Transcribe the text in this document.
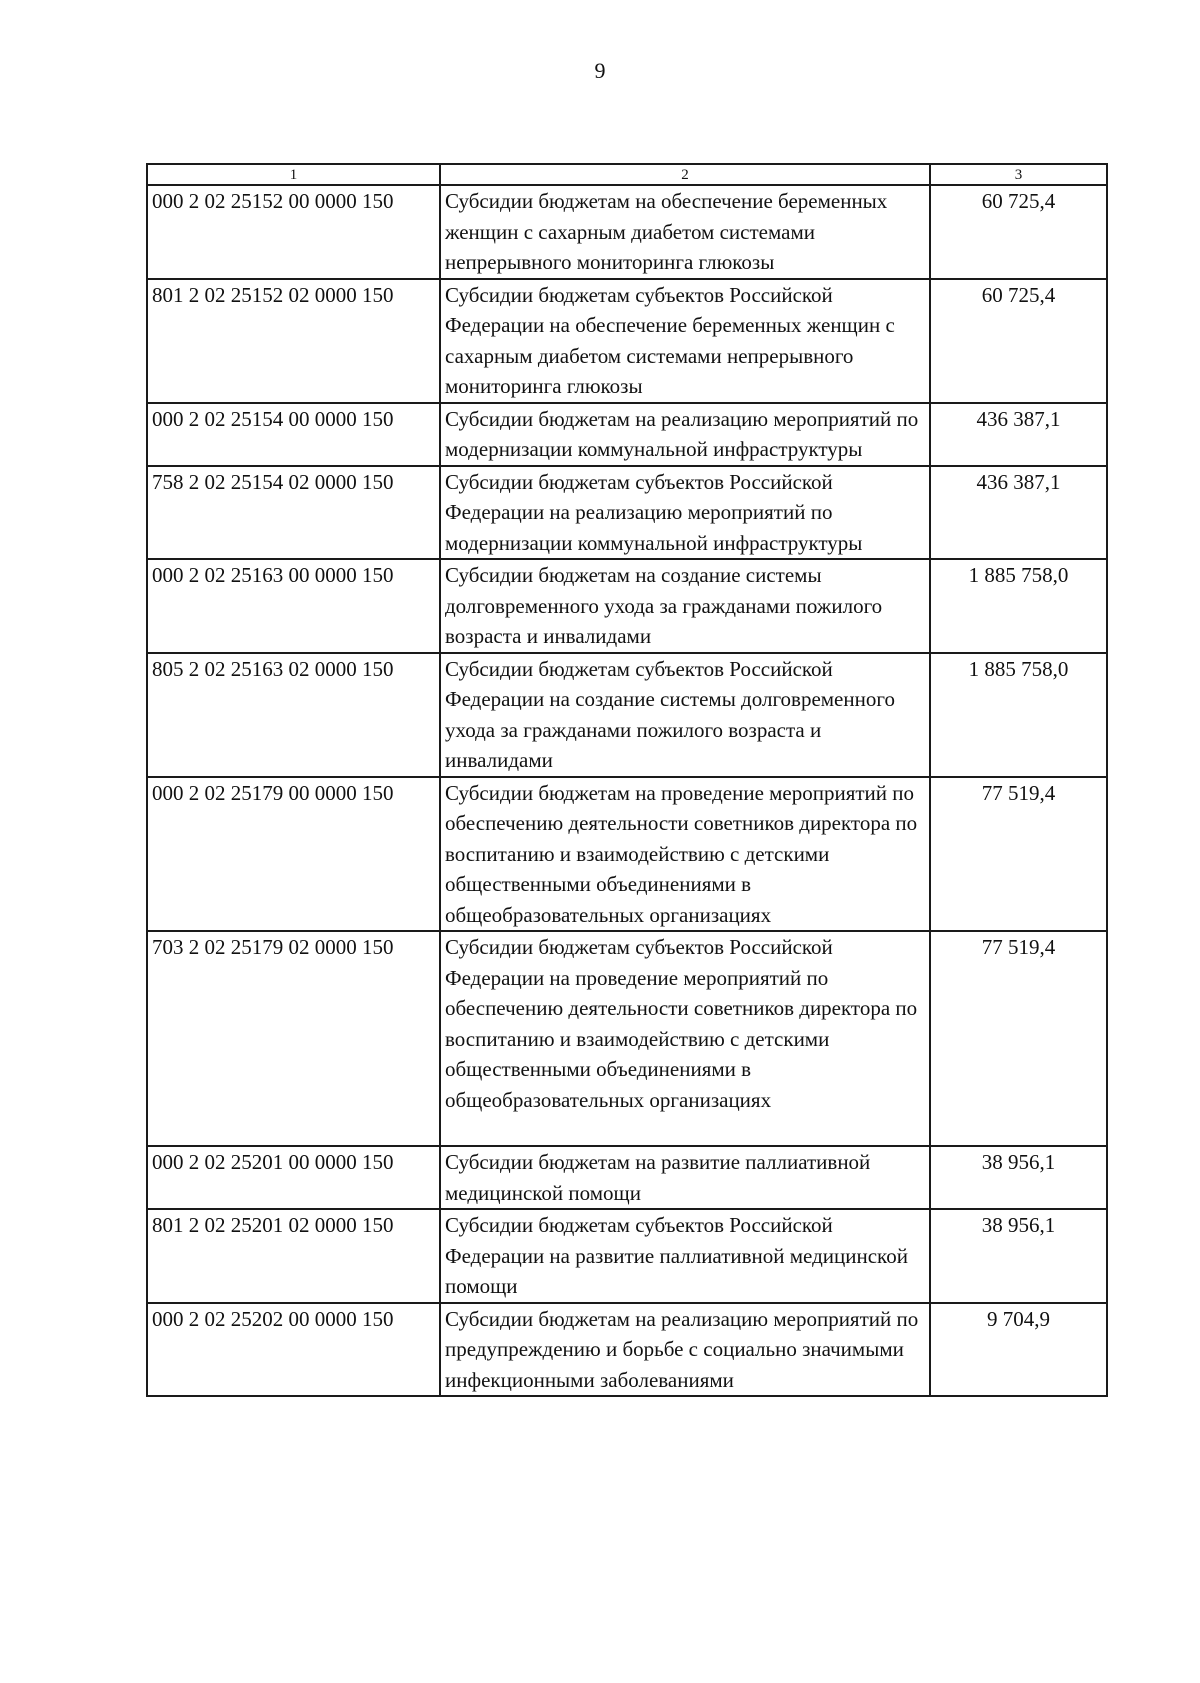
9
1	2	3
000 2 02 25152 00 0000 150	Субсидии бюджетам на обеспечение беременных женщин с сахарным диабетом системами непрерывного мониторинга глюкозы	60 725,4
801 2 02 25152 02 0000 150	Субсидии бюджетам субъектов Российской Федерации на обеспечение беременных женщин с сахарным диабетом системами непрерывного мониторинга глюкозы	60 725,4
000 2 02 25154 00 0000 150	Субсидии бюджетам на реализацию мероприятий по модернизации коммунальной инфраструктуры	436 387,1
758 2 02 25154 02 0000 150	Субсидии бюджетам субъектов Российской Федерации на реализацию мероприятий по модернизации коммунальной инфраструктуры	436 387,1
000 2 02 25163 00 0000 150	Субсидии бюджетам на создание системы долговременного ухода за гражданами пожилого возраста и инвалидами	1 885 758,0
805 2 02 25163 02 0000 150	Субсидии бюджетам субъектов Российской Федерации на создание системы долговременного ухода за гражданами пожилого возраста и инвалидами	1 885 758,0
000 2 02 25179 00 0000 150	Субсидии бюджетам на проведение мероприятий по обеспечению деятельности советников директора по воспитанию и взаимодействию с детскими общественными объединениями в общеобразовательных организациях	77 519,4
703 2 02 25179 02 0000 150	Субсидии бюджетам субъектов Российской Федерации на проведение мероприятий по обеспечению деятельности советников директора по воспитанию и взаимодействию с детскими общественными объединениями в общеобразовательных организациях	77 519,4
000 2 02 25201 00 0000 150	Субсидии бюджетам на развитие паллиативной медицинской помощи	38 956,1
801 2 02 25201 02 0000 150	Субсидии бюджетам субъектов Российской Федерации на развитие паллиативной медицинской помощи	38 956,1
000 2 02 25202 00 0000 150	Субсидии бюджетам на реализацию мероприятий по предупреждению и борьбе с социально значимыми инфекционными заболеваниями	9 704,9
